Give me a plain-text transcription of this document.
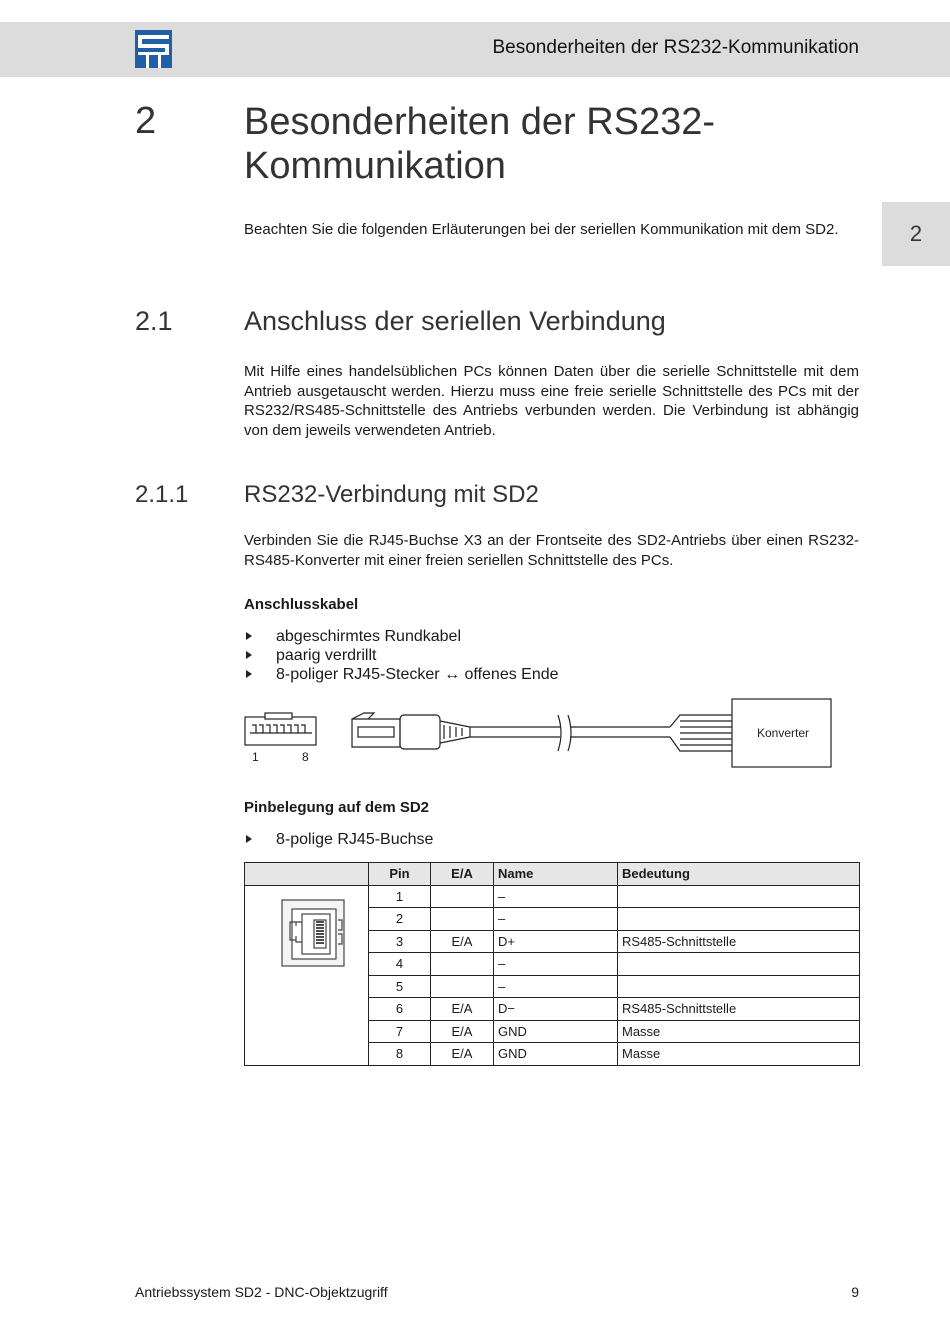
Besonderheiten der RS232-Kommunikation
2
2 Besonderheiten der RS232-Kommunikation
Beachten Sie die folgenden Erläuterungen bei der seriellen Kommunikation mit dem SD2.
2.1	Anschluss der seriellen Verbindung
Mit Hilfe eines handelsüblichen PCs können Daten über die serielle Schnittstelle mit dem Antrieb ausgetauscht werden. Hierzu muss eine freie serielle Schnittstelle des PCs mit der RS232/RS485-Schnittstelle des Antriebs verbunden werden. Die Verbindung ist abhängig von dem jeweils verwendeten Antrieb.
2.1.1 RS232-Verbindung mit SD2
Verbinden Sie die RJ45-Buchse X3 an der Frontseite des SD2-Antriebs über einen RS232-RS485-Konverter mit einer freien seriellen Schnittstelle des PCs.
Anschlusskabel
abgeschirmtes Rundkabel
paarig verdrillt
8-poliger RJ45-Stecker ↔ offenes Ende
1	8
Konverter
Pinbelegung auf dem SD2
8-polige RJ45-Buchse
	Pin	E/A	Name	Bedeutung

	1		–	
	2		–	
	3	E/A	D+	RS485-Schnittstelle
	4		–	
	5		–	
	6	E/A	D−	RS485-Schnittstelle
	7	E/A	GND	Masse
	8	E/A	GND	Masse
Antriebssystem SD2 - DNC-Objektzugriff	9
